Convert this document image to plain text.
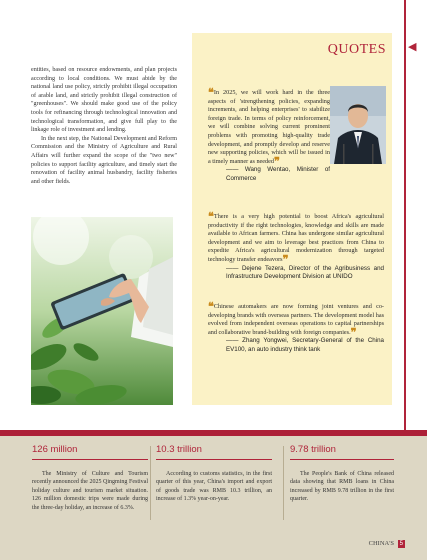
◀

entities, based on resource endowments, and plan projects according to local conditions. We must abide by the national land use policy, strictly prohibit illegal occupation of arable land, and strictly prohibit illegal construction of "greenhouses". We should make good use of the policy tools for refinancing through technological innovation and technological transformation, and give full play to the linkage role of investment and lending.

In the next step, the National Development and Reform Commission and the Ministry of Agriculture and Rural Affairs will further expand the scope of the "two new" policies to support facility agriculture, and timely start the renovation of facility animal husbandry, facility fisheries and other fields.

QUOTES
❝In 2025, we will work hard in the three aspects of 'strengthening policies, expanding increments, and helping enterprises' to stabilize foreign trade. In terms of policy reinforcement, we will combine solving current prominent problems with promoting high-quality trade development, and promptly develop and reserve new supporting policies, which will be issued in a timely manner as needed❞
—— Wang Wentao, Minister of Commerce
❝There is a very high potential to boost Africa's agricultural productivity if the right technologies, knowledge and skills are made available to African farmers. China has undergone similar agricultural development and we aim to leverage best practices from China to expedite Africa's agricultural modernization through targeted technology transfer endeavors❞
—— Dejene Tezera, Director of the Agribusiness and Infrastructure Development Division at UNIDO
❝Chinese automakers are now forming joint ventures and co-developing brands with overseas partners. The development model has evolved from independent overseas operations to capital partnerships and collaborative brand-building with foreign companies.❞
—— Zhang Yongwei, Secretary-General of the China EV100, an auto industry think tank
126 million
The Ministry of Culture and Tourism recently announced the 2025 Qingming Festival holiday culture and tourism market situation. 126 million domestic trips were made during the three-day holiday, an increase of 6.3%.
10.3 trillion
According to customs statistics, in the first quarter of this year, China's import and export of goods trade was RMB 10.3 trillion, an increase of 1.3% year-on-year.
9.78 trillion
The People's Bank of China released data showing that RMB loans in China increased by RMB 9.78 trillion in the first quarter.
CHINA'S 5
